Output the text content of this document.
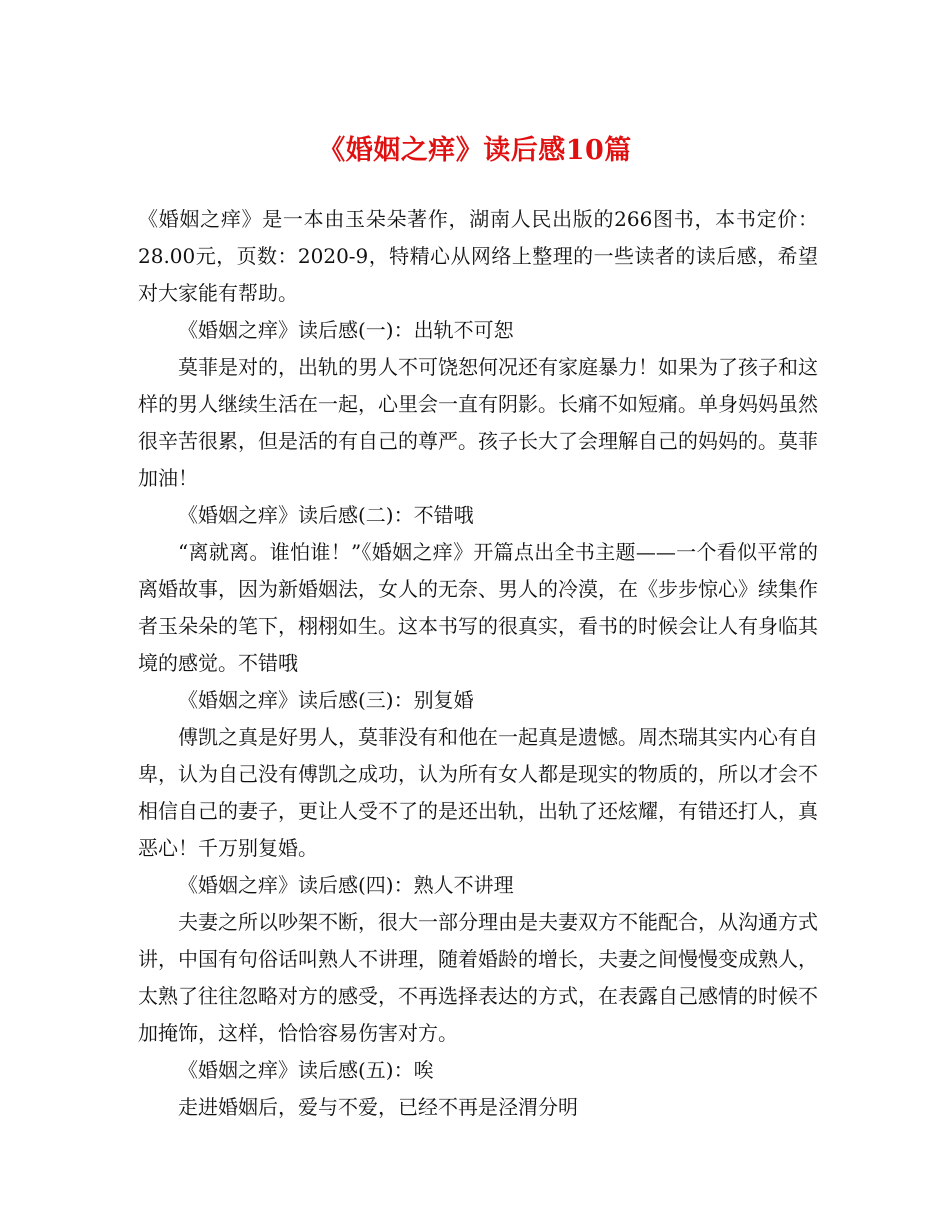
《婚姻之痒》读后感10篇

《婚姻之痒》是一本由玉朵朵著作，湖南人民出版的266图书，本书定价：28.00元，页数：2020-9，特精心从网络上整理的一些读者的读后感，希望对大家能有帮助。

《婚姻之痒》读后感(一)：出轨不可恕

莫菲是对的，出轨的男人不可饶恕何况还有家庭暴力！如果为了孩子和这样的男人继续生活在一起，心里会一直有阴影。长痛不如短痛。单身妈妈虽然很辛苦很累，但是活的有自己的尊严。孩子长大了会理解自己的妈妈的。莫菲加油！

《婚姻之痒》读后感(二)：不错哦

“离就离。谁怕谁！”《婚姻之痒》开篇点出全书主题——一个看似平常的离婚故事，因为新婚姻法，女人的无奈、男人的冷漠，在《步步惊心》续集作者玉朵朵的笔下，栩栩如生。这本书写的很真实，看书的时候会让人有身临其境的感觉。不错哦

《婚姻之痒》读后感(三)：别复婚

傅凯之真是好男人，莫菲没有和他在一起真是遗憾。周杰瑞其实内心有自卑，认为自己没有傅凯之成功，认为所有女人都是现实的物质的，所以才会不相信自己的妻子，更让人受不了的是还出轨，出轨了还炫耀，有错还打人，真恶心！千万别复婚。

《婚姻之痒》读后感(四)：熟人不讲理

夫妻之所以吵架不断，很大一部分理由是夫妻双方不能配合，从沟通方式讲，中国有句俗话叫熟人不讲理，随着婚龄的增长，夫妻之间慢慢变成熟人，太熟了往往忽略对方的感受，不再选择表达的方式，在表露自己感情的时候不加掩饰，这样，恰恰容易伤害对方。

《婚姻之痒》读后感(五)：唉

走进婚姻后，爱与不爱，已经不再是泾渭分明
